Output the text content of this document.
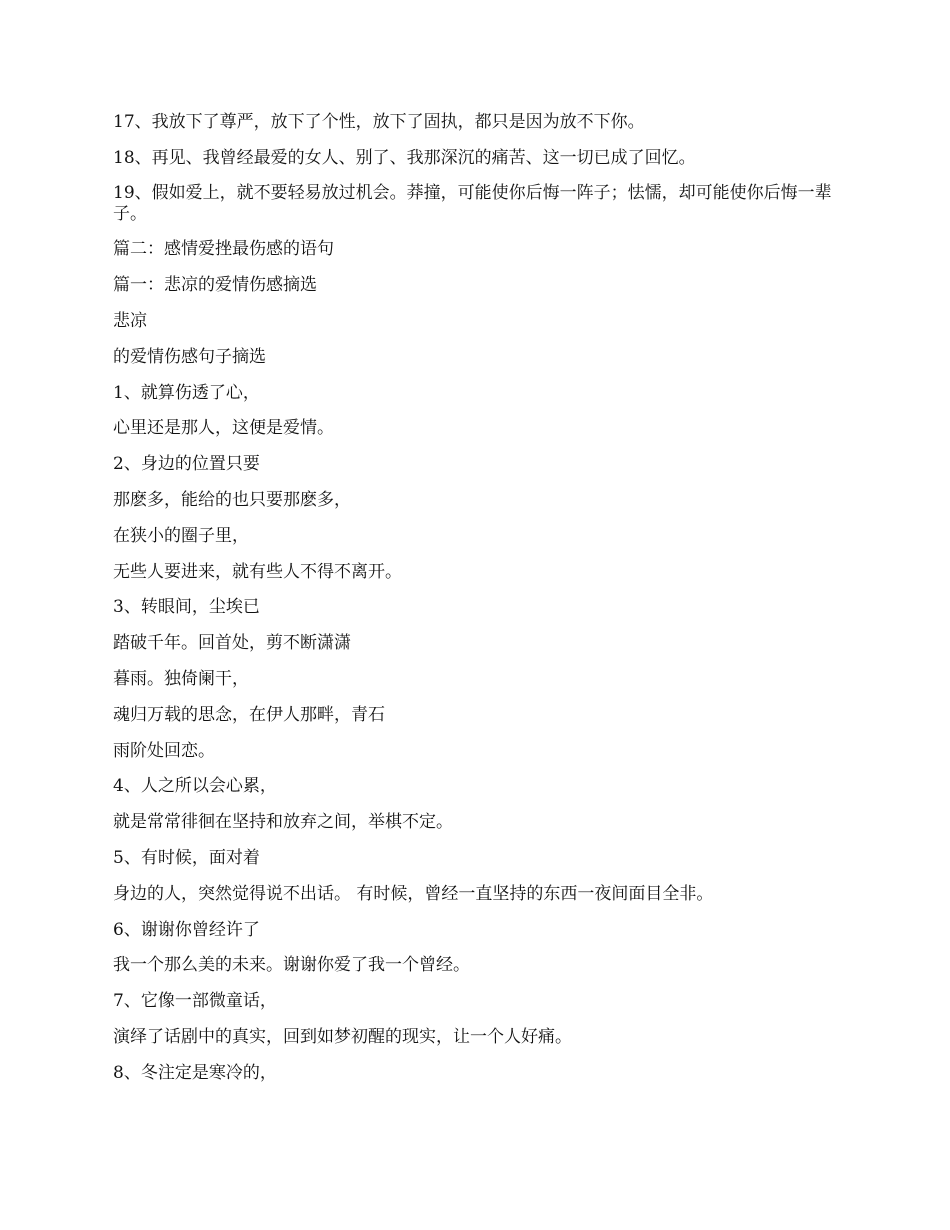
17、我放下了尊严，放下了个性，放下了固执，都只是因为放不下你。

18、再见、我曾经最爱的女人、别了、我那深沉的痛苦、这一切已成了回忆。

19、假如爱上，就不要轻易放过机会。莽撞，可能使你后悔一阵子；怯懦，却可能使你后悔一辈子。

篇二：感情爱挫最伤感的语句

篇一：悲凉的爱情伤感摘选

悲凉

的爱情伤感句子摘选

1、就算伤透了心，

心里还是那人，这便是爱情。

2、身边的位置只要

那麽多，能给的也只要那麽多，

在狭小的圈子里，

无些人要进来，就有些人不得不离开。

3、转眼间，尘埃已

踏破千年。回首处，剪不断潇潇

暮雨。独倚阑干，

魂归万载的思念，在伊人那畔，青石

雨阶处回恋。

4、人之所以会心累，

就是常常徘徊在坚持和放弃之间，举棋不定。

5、有时候，面对着

身边的人，突然觉得说不出话。 有时候，曾经一直坚持的东西一夜间面目全非。

6、谢谢你曾经许了

我一个那么美的未来。谢谢你爱了我一个曾经。

7、它像一部微童话，

演绎了话剧中的真实，回到如梦初醒的现实，让一个人好痛。

8、冬注定是寒冷的，
